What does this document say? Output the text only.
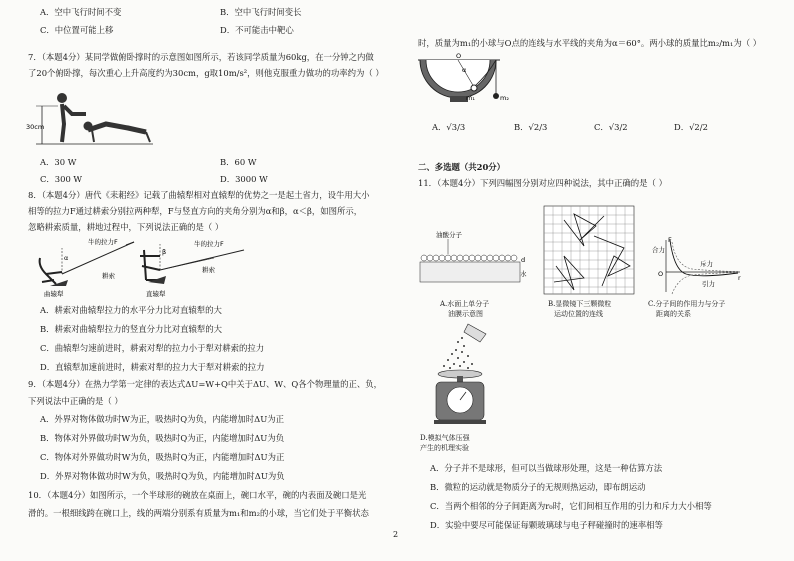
A．空中飞行时间不变	B．空中飞行时间变长
C．中位置可能上移	D．不可能击中靶心
7．（本题4分）某同学做俯卧撑时的示意图如图所示，若该同学质量为60kg，在一分钟之内做
了20个俯卧撑，每次重心上升高度约为30cm，g取10m/s²，则他克服重力做功的功率约为（ ）
30cm
A．30 W	B．60 W
C．300 W	D．3000 W
8．（本题4分）唐代《耒耜经》记载了曲辕犁相对直辕犁的优势之一是起土省力，设牛用大小
相等的拉力F通过耕索分别拉两种犁，F与竖直方向的夹角分别为α和β，α＜β，如图所示，
忽略耕索质量，耕地过程中，下列说法正确的是（ ）
α
牛的拉力F
耕索
曲辕犁
β
牛的拉力F
耕索
直辕犁
A．耕索对曲辕犁拉力的水平分力比对直辕犁的大
B．耕索对曲辕犁拉力的竖直分力比对直辕犁的大
C．曲辕犁匀速前进时，耕索对犁的拉力小于犁对耕索的拉力
D．直辕犁加速前进时，耕索对犁的拉力大于犁对耕索的拉力
9．（本题4分）在热力学第一定律的表达式ΔU=W+Q中关于ΔU、W、Q各个物理量的正、负，
下列说法中正确的是（ ）
A．外界对物体做功时W为正，吸热时Q为负，内能增加时ΔU为正
B．物体对外界做功时W为负，吸热时Q为正，内能增加时ΔU为负
C．物体对外界做功时W为负，吸热时Q为正，内能增加时ΔU为正
D．外界对物体做功时W为负，吸热时Q为负，内能增加时ΔU为负
10．（本题4分）如图所示，一个半球形的碗放在桌面上，碗口水平，碗的内表面及碗口是光
滑的。一根细线跨在碗口上，线的两端分别系有质量为m₁和m₂的小球，当它们处于平衡状态
时，质量为m₁的小球与O点的连线与水平线的夹角为α＝60°。两小球的质量比m₂/m₁为（ ）
O
α
m₁	m₂
A．√3/3	B．√2/3	C．√3/2	D．√2/2
二、多选题（共20分）
11．（本题4分）下列四幅图分别对应四种说法，其中正确的是（ ）
油酸分子
d
水
A.水面上单分子
油膜示意图
B.显微镜下三颗微粒
运动位置的连线
F
合力
O	r
斥力
引力
C.分子间的作用力与分子
距离的关系
D.模拟气体压强
产生的机理实验
A．分子并不是球形，但可以当做球形处理，这是一种估算方法
B．微粒的运动就是物质分子的无规则热运动，即布朗运动
C．当两个相邻的分子间距离为r₀时，它们间相互作用的引力和斥力大小相等
D．实验中要尽可能保证每颗玻璃球与电子秤碰撞时的速率相等
2
